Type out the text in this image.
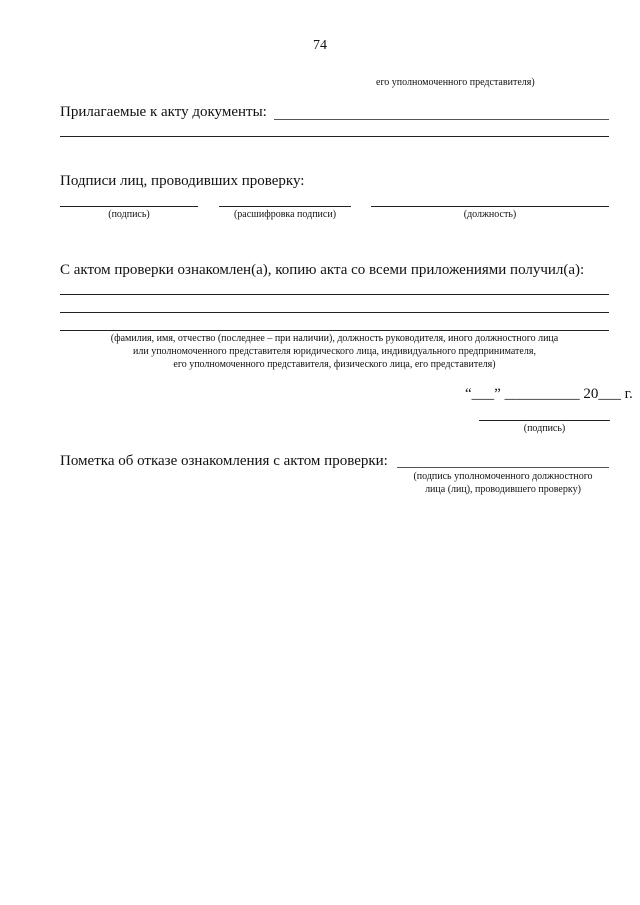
74
его уполномоченного представителя)
Прилагаемые к акту документы:
Подписи лиц, проводивших проверку:
(подпись)	(расшифровка подписи)	(должность)
С актом проверки ознакомлен(а), копию акта со всеми приложениями получил(а):
(фамилия, имя, отчество (последнее – при наличии), должность руководителя, иного должностного лица
или уполномоченного представителя юридического лица, индивидуального предпринимателя,
его уполномоченного представителя, физического лица, его представителя)
“___” __________ 20___ г.
(подпись)
Пометка об отказе ознакомления с актом проверки:
(подпись уполномоченного должностного
лица (лиц), проводившего проверку)
